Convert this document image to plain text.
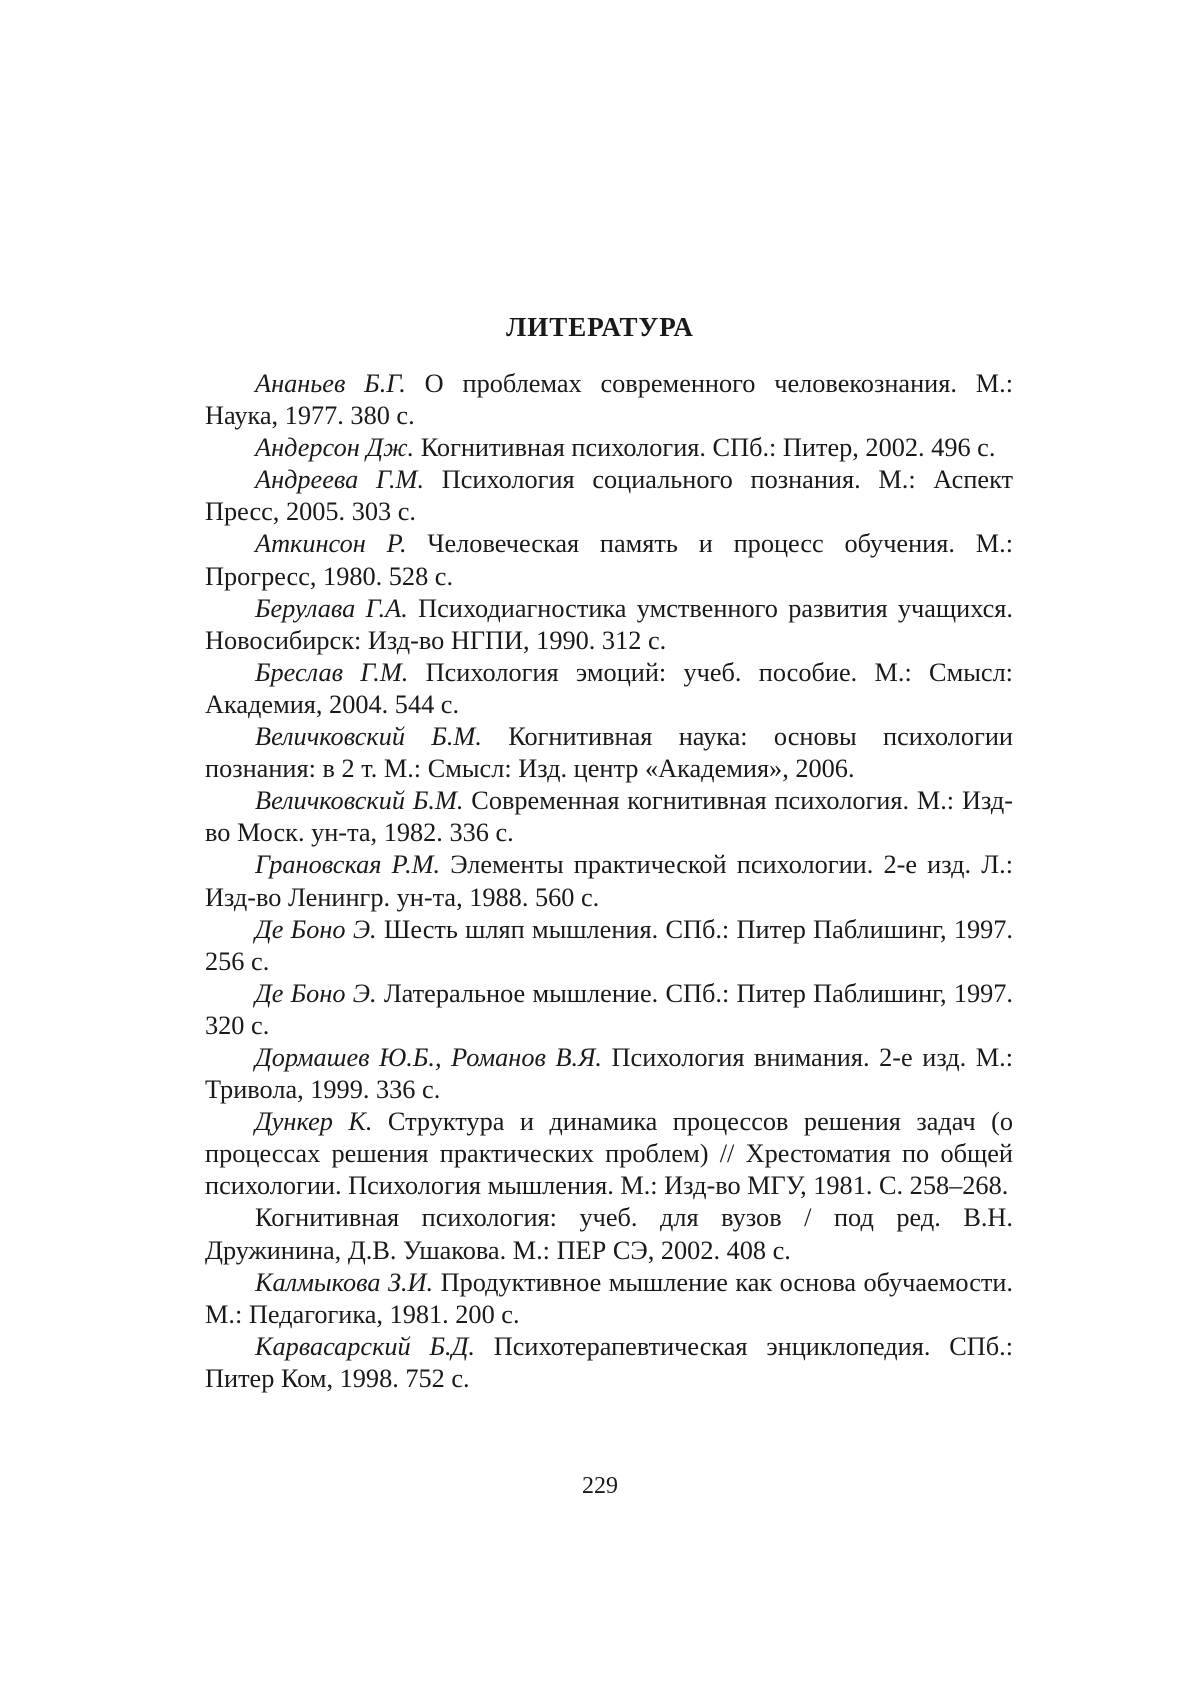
ЛИТЕРАТУРА
Ананьев Б.Г. О проблемах современного человекознания. М.: Наука, 1977. 380 с.
Андерсон Дж. Когнитивная психология. СПб.: Питер, 2002. 496 с.
Андреева Г.М. Психология социального познания. М.: Аспект Пресс, 2005. 303 с.
Аткинсон Р. Человеческая память и процесс обучения. М.: Прогресс, 1980. 528 с.
Берулава Г.А. Психодиагностика умственного развития учащихся. Новосибирск: Изд-во НГПИ, 1990. 312 с.
Бреслав Г.М. Психология эмоций: учеб. пособие. М.: Смысл: Академия, 2004. 544 с.
Величковский Б.М. Когнитивная наука: основы психологии познания: в 2 т. М.: Смысл: Изд. центр «Академия», 2006.
Величковский Б.М. Современная когнитивная психология. М.: Изд-во Моск. ун-та, 1982. 336 с.
Грановская Р.М. Элементы практической психологии. 2-е изд. Л.: Изд-во Ленингр. ун-та, 1988. 560 с.
Де Боно Э. Шесть шляп мышления. СПб.: Питер Паблишинг, 1997. 256 с.
Де Боно Э. Латеральное мышление. СПб.: Питер Паблишинг, 1997. 320 с.
Дормашев Ю.Б., Романов В.Я. Психология внимания. 2-е изд. М.: Тривола, 1999. 336 с.
Дункер К. Структура и динамика процессов решения задач (о процессах решения практических проблем) // Хрестоматия по общей психологии. Психология мышления. М.: Изд-во МГУ, 1981. С. 258–268.
Когнитивная психология: учеб. для вузов / под ред. В.Н. Дружинина, Д.В. Ушакова. М.: ПЕР СЭ, 2002. 408 с.
Калмыкова З.И. Продуктивное мышление как основа обучаемости. М.: Педагогика, 1981. 200 с.
Карвасарский Б.Д. Психотерапевтическая энциклопедия. СПб.: Питер Ком, 1998. 752 с.
229
